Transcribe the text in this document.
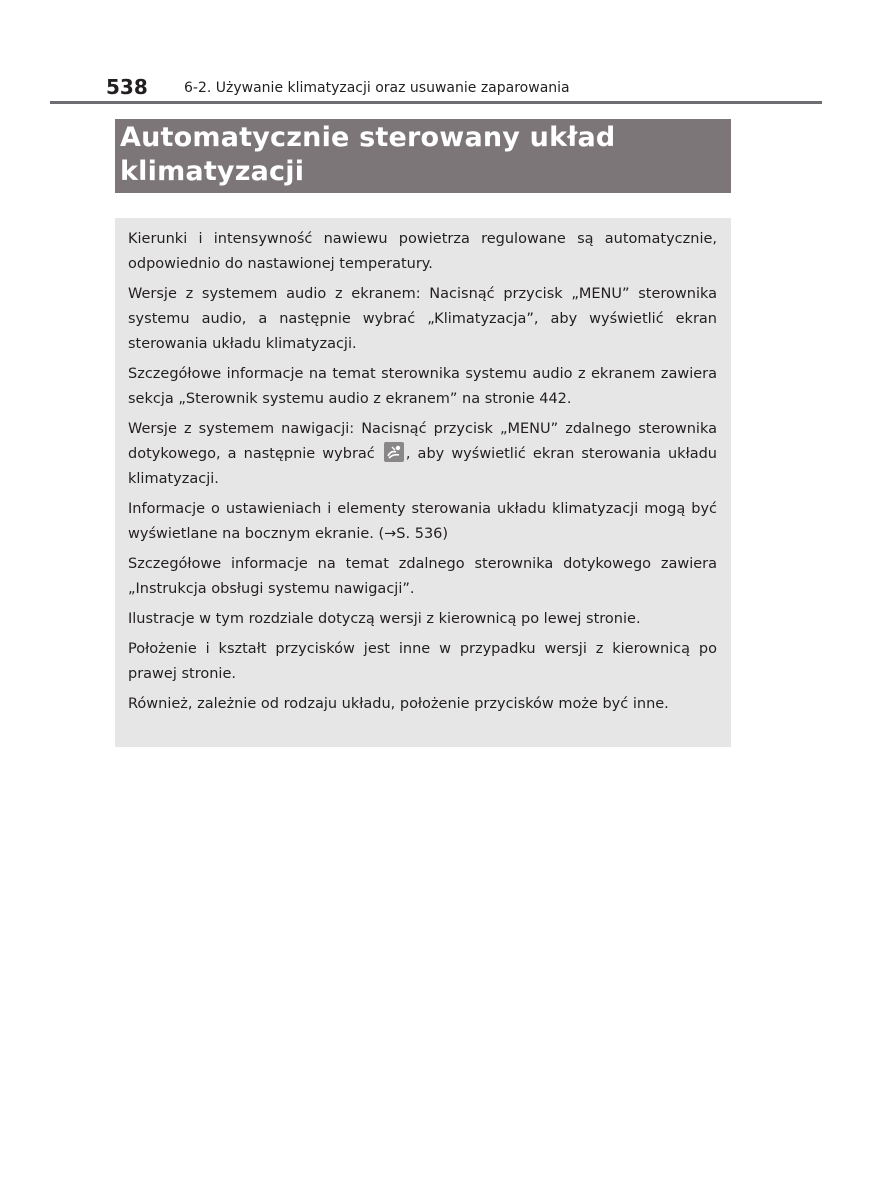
538	6-2. Używanie klimatyzacji oraz usuwanie zaparowania

Automatycznie sterowany układ
klimatyzacji

Kierunki i intensywność nawiewu powietrza regulowane są automatycznie, odpowiednio do nastawionej temperatury.

Wersje z systemem audio z ekranem: Nacisnąć przycisk „MENU” sterownika systemu audio, a następnie wybrać „Klimatyzacja”, aby wyświetlić ekran sterowania układu klimatyzacji.

Szczegółowe informacje na temat sterownika systemu audio z ekranem zawiera sekcja „Sterownik systemu audio z ekranem” na stronie 442.

Wersje z systemem nawigacji: Nacisnąć przycisk „MENU” zdalnego sterownika dotykowego, a następnie wybrać
, aby wyświetlić ekran sterowania układu klimatyzacji.

Informacje o ustawieniach i elementy sterowania układu klimatyzacji mogą być wyświetlane na bocznym ekranie. (→S. 536)

Szczegółowe informacje na temat zdalnego sterownika dotykowego zawiera „Instrukcja obsługi systemu nawigacji”.

Ilustracje w tym rozdziale dotyczą wersji z kierownicą po lewej stronie.

Położenie i kształt przycisków jest inne w przypadku wersji z kierownicą po prawej stronie.

Również, zależnie od rodzaju układu, położenie przycisków może być inne.
